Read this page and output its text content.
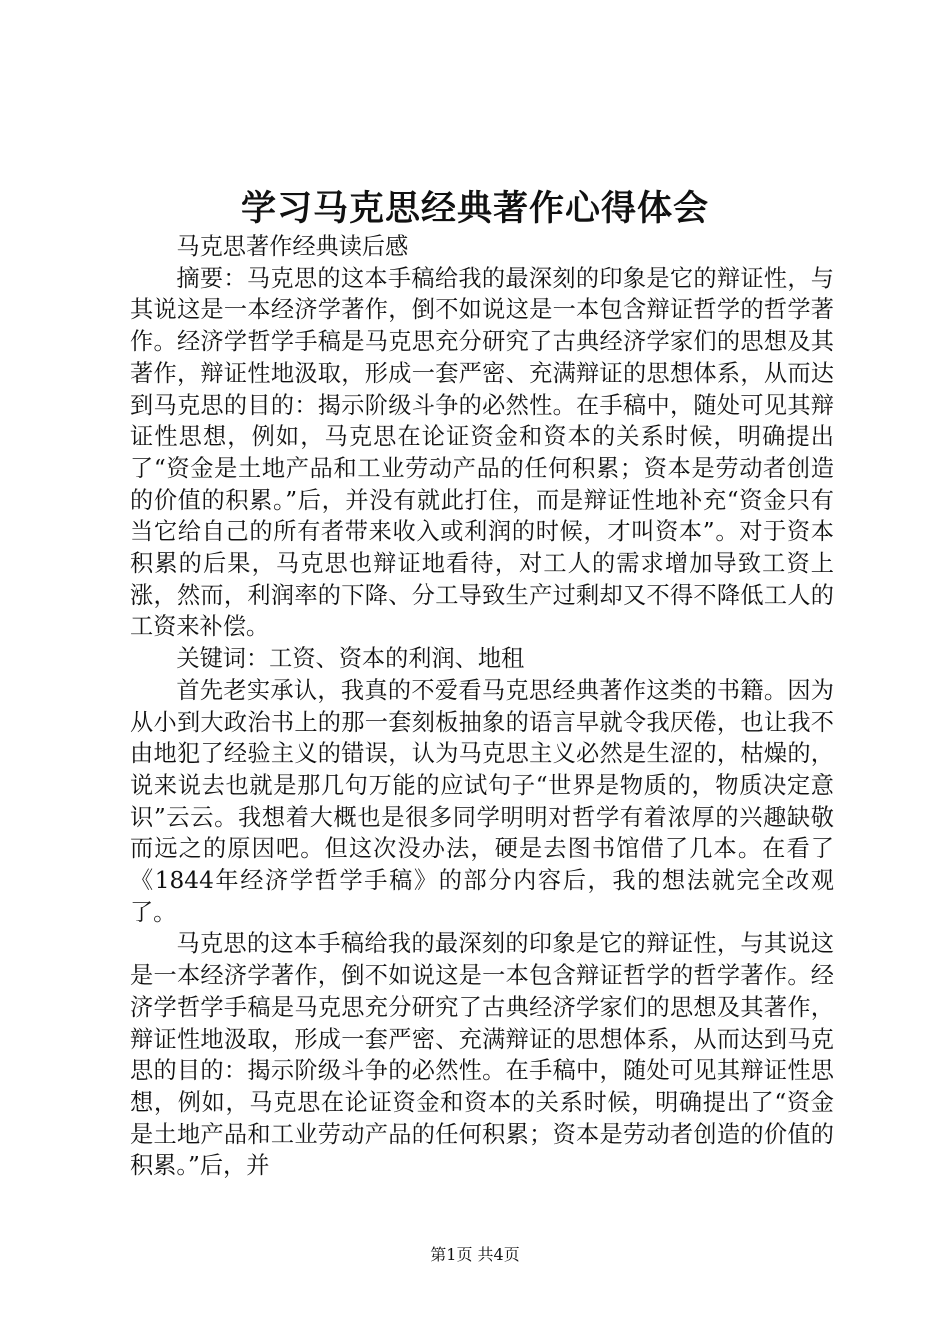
学习马克思经典著作心得体会

马克思著作经典读后感

摘要：马克思的这本手稿给我的最深刻的印象是它的辩证性，与其说这是一本经济学著作，倒不如说这是一本包含辩证哲学的哲学著作。经济学哲学手稿是马克思充分研究了古典经济学家们的思想及其著作，辩证性地汲取，形成一套严密、充满辩证的思想体系，从而达到马克思的目的：揭示阶级斗争的必然性。在手稿中，随处可见其辩证性思想，例如，马克思在论证资金和资本的关系时候，明确提出了“资金是土地产品和工业劳动产品的任何积累；资本是劳动者创造的价值的积累。”后，并没有就此打住，而是辩证性地补充“资金只有当它给自己的所有者带来收入或利润的时候，才叫资本”。对于资本积累的后果，马克思也辩证地看待，对工人的需求增加导致工资上涨，然而，利润率的下降、分工导致生产过剩却又不得不降低工人的工资来补偿。

关键词：工资、资本的利润、地租

首先老实承认，我真的不爱看马克思经典著作这类的书籍。因为从小到大政治书上的那一套刻板抽象的语言早就令我厌倦，也让我不由地犯了经验主义的错误，认为马克思主义必然是生涩的，枯燥的，说来说去也就是那几句万能的应试句子“世界是物质的，物质决定意识”云云。我想着大概也是很多同学明明对哲学有着浓厚的兴趣缺敬而远之的原因吧。但这次没办法，硬是去图书馆借了几本。在看了《1844年经济学哲学手稿》的部分内容后，我的想法就完全改观了。

马克思的这本手稿给我的最深刻的印象是它的辩证性，与其说这是一本经济学著作，倒不如说这是一本包含辩证哲学的哲学著作。经济学哲学手稿是马克思充分研究了古典经济学家们的思想及其著作，辩证性地汲取，形成一套严密、充满辩证的思想体系，从而达到马克思的目的：揭示阶级斗争的必然性。在手稿中，随处可见其辩证性思想，例如，马克思在论证资金和资本的关系时候，明确提出了“资金是土地产品和工业劳动产品的任何积累；资本是劳动者创造的价值的积累。”后，并

第1页 共4页
